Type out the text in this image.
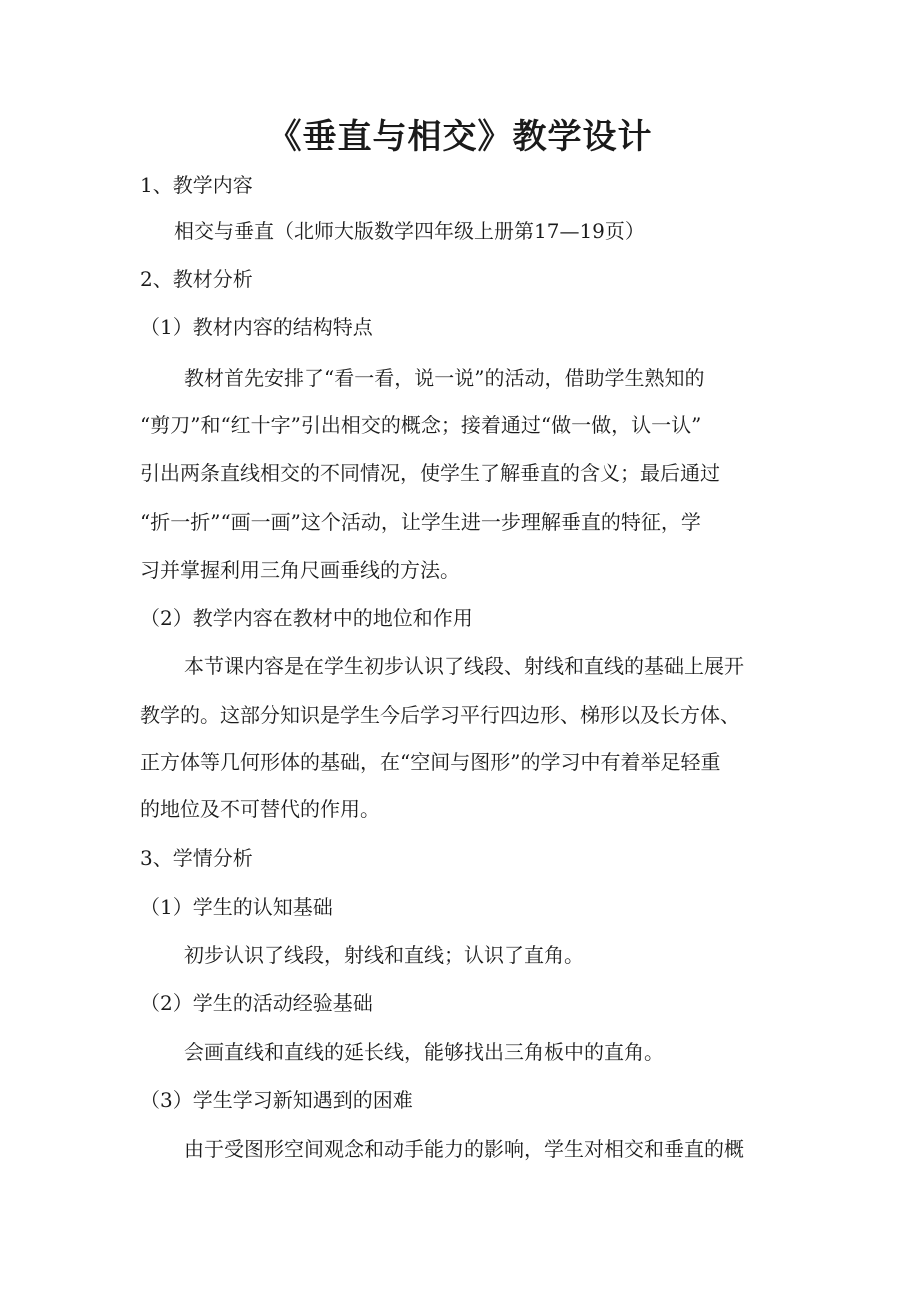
《垂直与相交》教学设计
1、教学内容
相交与垂直（北师大版数学四年级上册第17—19页）
2、教材分析
（1）教材内容的结构特点
教材首先安排了“看一看，说一说”的活动，借助学生熟知的
“剪刀”和“红十字”引出相交的概念；接着通过“做一做，认一认”
引出两条直线相交的不同情况，使学生了解垂直的含义；最后通过
“折一折”“画一画”这个活动，让学生进一步理解垂直的特征，学
习并掌握利用三角尺画垂线的方法。
（2）教学内容在教材中的地位和作用
本节课内容是在学生初步认识了线段、射线和直线的基础上展开
教学的。这部分知识是学生今后学习平行四边形、梯形以及长方体、
正方体等几何形体的基础，在“空间与图形”的学习中有着举足轻重
的地位及不可替代的作用。
3、学情分析
（1）学生的认知基础
初步认识了线段，射线和直线；认识了直角。
（2）学生的活动经验基础
会画直线和直线的延长线，能够找出三角板中的直角。
（3）学生学习新知遇到的困难
由于受图形空间观念和动手能力的影响，学生对相交和垂直的概
